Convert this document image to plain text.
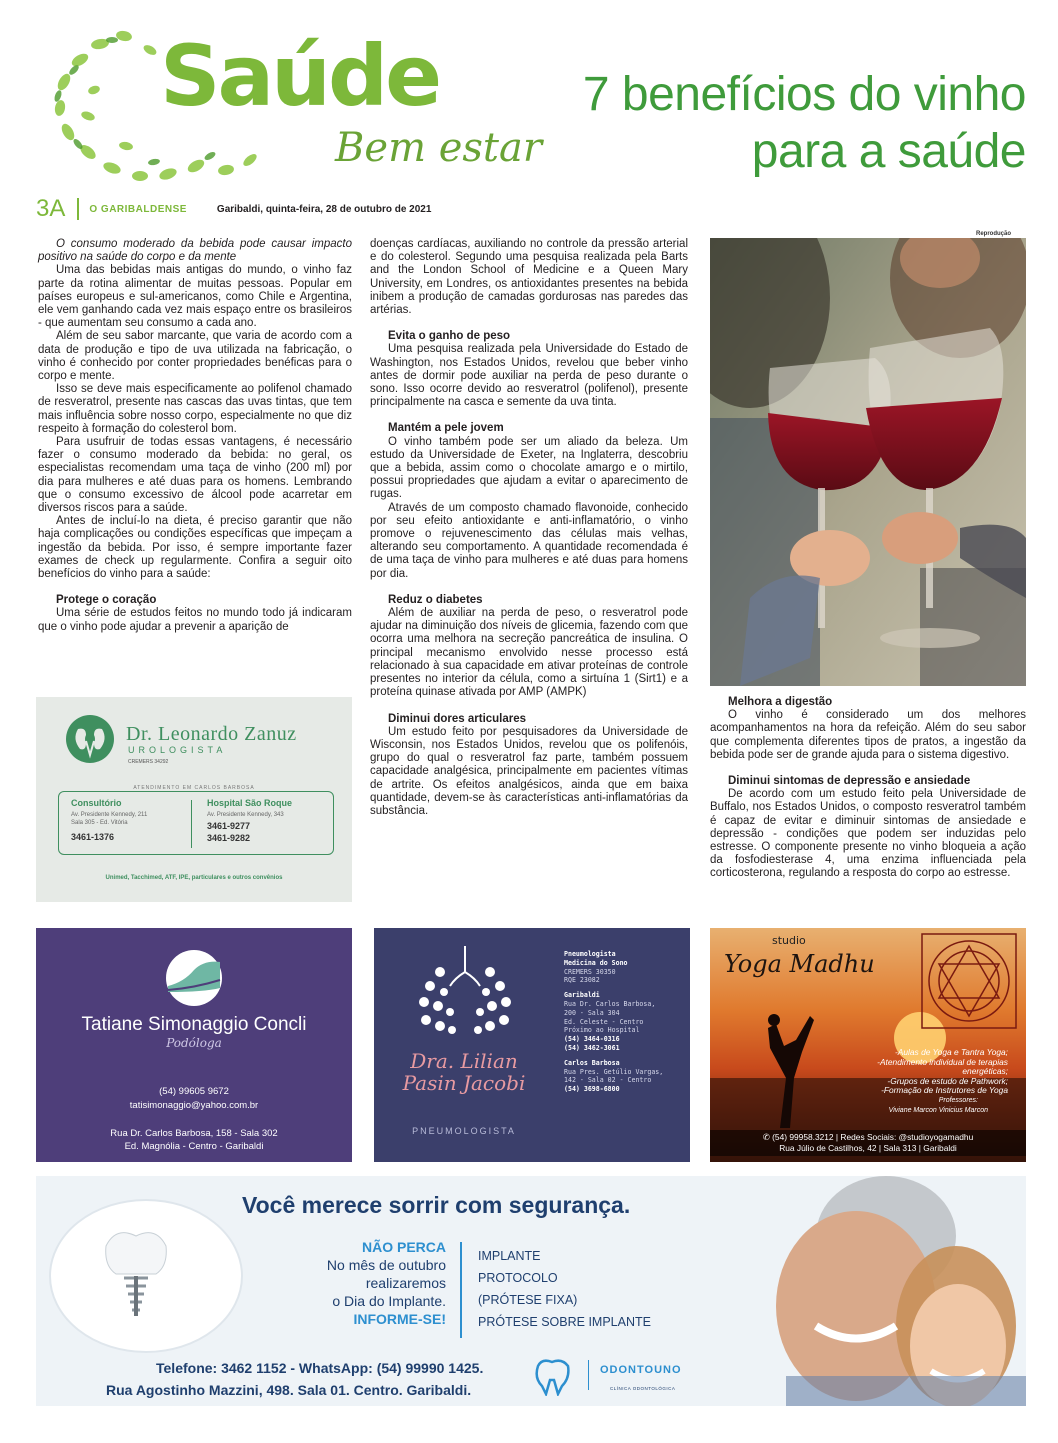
Saúde
Bem estar
7 benefícios do vinho para a saúde
3A O GARIBALDENSE	Garibaldi, quinta-feira, 28 de outubro de 2021

O consumo moderado da bebida pode causar impacto positivo na saúde do corpo e da mente

Uma das bebidas mais antigas do mundo, o vinho faz parte da rotina alimentar de muitas pessoas. Popular em países europeus e sul-americanos, como Chile e Argentina, ele vem ganhando cada vez mais espaço entre os brasileiros - que aumentam seu consumo a cada ano.

Além de seu sabor marcante, que varia de acordo com a data de produção e tipo de uva utilizada na fabricação, o vinho é conhecido por conter propriedades benéficas para o corpo e mente.

Isso se deve mais especificamente ao polifenol chamado de resveratrol, presente nas cascas das uvas tintas, que tem mais influência sobre nosso corpo, especialmente no que diz respeito à formação do colesterol bom.

Para usufruir de todas essas vantagens, é necessário fazer o consumo moderado da bebida: no geral, os especialistas recomendam uma taça de vinho (200 ml) por dia para mulheres e até duas para os homens. Lembrando que o consumo excessivo de álcool pode acarretar em diversos riscos para a saúde.

Antes de incluí-lo na dieta, é preciso garantir que não haja complicações ou condições específicas que impeçam a ingestão da bebida. Por isso, é sempre importante fazer exames de check up regularmente. Confira a seguir oito benefícios do vinho para a saúde:

Protege o coração

Uma série de estudos feitos no mundo todo já indicaram que o vinho pode ajudar a prevenir a aparição de

doenças cardíacas, auxiliando no controle da pressão arterial e do colesterol. Segundo uma pesquisa realizada pela Barts and the London School of Medicine e a Queen Mary University, em Londres, os antioxidantes presentes na bebida inibem a produção de camadas gordurosas nas paredes das artérias.

Evita o ganho de peso

Uma pesquisa realizada pela Universidade do Estado de Washington, nos Estados Unidos, revelou que beber vinho antes de dormir pode auxiliar na perda de peso durante o sono. Isso ocorre devido ao resveratrol (polifenol), presente principalmente na casca e semente da uva tinta.

Mantém a pele jovem

O vinho também pode ser um aliado da beleza. Um estudo da Universidade de Exeter, na Inglaterra, descobriu que a bebida, assim como o chocolate amargo e o mirtilo, possui propriedades que ajudam a evitar o aparecimento de rugas.

Através de um composto chamado flavonoide, conhecido por seu efeito antioxidante e anti-inflamatório, o vinho promove o rejuvenescimento das células mais velhas, alterando seu comportamento. A quantidade recomendada é de uma taça de vinho para mulheres e até duas para homens por dia.

Reduz o diabetes

Além de auxiliar na perda de peso, o resveratrol pode ajudar na diminuição dos níveis de glicemia, fazendo com que ocorra uma melhora na secreção pancreática de insulina. O principal mecanismo envolvido nesse processo está relacionado à sua capacidade em ativar proteínas de controle presentes no interior da célula, como a sirtuína 1 (Sirt1) e a proteína quinase ativada por AMP (AMPK)

Diminui dores articulares

Um estudo feito por pesquisadores da Universidade de Wisconsin, nos Estados Unidos, revelou que os polifenóis, grupo do qual o resveratrol faz parte, também possuem capacidade analgésica, principalmente em pacientes vítimas de artrite. Os efeitos analgésicos, ainda que em baixa quantidade, devem-se às características anti-inflamatórias da substância.

Reprodução
Melhora a digestão

O vinho é considerado um dos melhores acompanhamentos na hora da refeição. Além do seu sabor que complementa diferentes tipos de pratos, a ingestão da bebida pode ser de grande ajuda para o sistema digestivo.

Diminui sintomas de depressão e ansiedade

De acordo com um estudo feito pela Universidade de Buffalo, nos Estados Unidos, o composto resveratrol também é capaz de evitar e diminuir sintomas de ansiedade e depressão - condições que podem ser induzidas pelo estresse. O componente presente no vinho bloqueia a ação da fosfodiesterase 4, uma enzima influenciada pela corticosterona, regulando a resposta do corpo ao estresse.

Dr. Leonardo Zanuz
UROLOGISTA
CREMERS 34292
ATENDIMENTO EM CARLOS BARBOSA
Consultório
Av. Presidente Kennedy, 211
Sala 305 - Ed. Vitória
3461-1376
Hospital São Roque
Av. Presidente Kennedy, 343
3461-9277
3461-9282
Unimed, Tacchimed, ATF, IPE, particulares e outros convênios
Tatiane Simonaggio Concli
Podóloga
(54) 99605 9672
tatisimonaggio@yahoo.com.br
Rua Dr. Carlos Barbosa, 158 - Sala 302
Ed. Magnólia - Centro - Garibaldi
Dra. Lilian
Pasin Jacobi
PNEUMOLOGISTA
Pneumologista
Medicina do Sono
CREMERS 30350
RQE 23082
Garibaldi
Rua Dr. Carlos Barbosa,
200 - Sala 304
Ed. Celeste - Centro
Próximo ao Hospital
(54) 3464-0316
(54) 3462-3061
Carlos Barbosa
Rua Pres. Getúlio Vargas,
142 - Sala 02 - Centro
(54) 3698-6800
studio
Yoga Madhu
-Aulas de Yoga e Tantra Yoga;
-Atendimento individual de terapias
energéticas;
-Grupos de estudo de Pathwork;
-Formação de Instrutores de Yoga
Professores:
Viviane Marcon Vinicius Marcon
✆ (54) 99958.3212 | Redes Sociais: @studioyogamadhu
Rua Júlio de Castilhos, 42 | Sala 313 | Garibaldi
Você merece sorrir com segurança.
NÃO PERCA
No mês de outubro
realizaremos
o Dia do Implante.
INFORME-SE!
IMPLANTE
PROTOCOLO
(PRÓTESE FIXA)
PRÓTESE SOBRE IMPLANTE
Telefone: 3462 1152 - WhatsApp: (54) 99990 1425.
Rua Agostinho Mazzini, 498. Sala 01. Centro. Garibaldi.
ODONTOUNO
CLÍNICA ODONTOLÓGICA
